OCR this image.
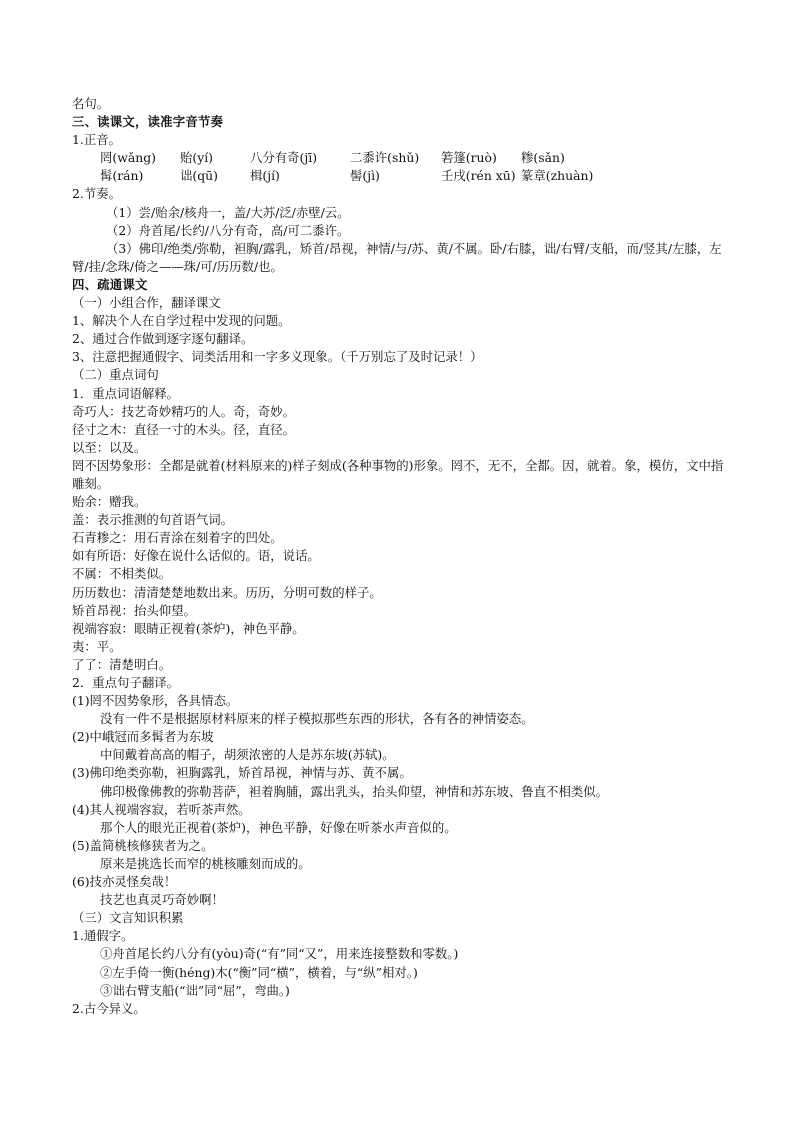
名句。
三、读课文，读准字音节奏
1.正音。
罔(wǎng)	贻(yí)	八分有奇(jī)	二黍许(shǔ)	箬篷(ruò)	糁(sǎn)
髯(rán)	诎(qū)	楫(jí)	髻(jì)	壬戌(rén xū) 篆章(zhuàn)
2.节奏。
（1）尝/贻余/核舟一，盖/大苏/泛/赤壁/云。
（2）舟首尾/长约/八分有奇，高/可二黍许。
（3）佛印/绝类/弥勒，袒胸/露乳，矫首/昂视，神情/与/苏、黄/不属。卧/右膝，诎/右臂/支船，而/竖其/左膝，左臂/挂/念珠/倚之——珠/可/历历数/也。
四、疏通课文
（一）小组合作，翻译课文
1、解决个人在自学过程中发现的问题。
2、通过合作做到逐字逐句翻译。
3、注意把握通假字、词类活用和一字多义现象。（千万别忘了及时记录！）
（二）重点词句
1．重点词语解释。
奇巧人：技艺奇妙精巧的人。奇，奇妙。
径寸之木：直径一寸的木头。径，直径。
以至：以及。
罔不因势象形：全都是就着(材料原来的)样子刻成(各种事物的)形象。罔不，无不，全都。因，就着。象，模仿，文中指雕刻。
贻余：赠我。
盖：表示推测的句首语气词。
石青糁之：用石青涂在刻着字的凹处。
如有所语：好像在说什么话似的。语，说话。
不属：不相类似。
历历数也：清清楚楚地数出来。历历，分明可数的样子。
矫首昂视：抬头仰望。
视端容寂：眼睛正视着(茶炉)，神色平静。
夷：平。
了了：清楚明白。
2．重点句子翻译。
(1)罔不因势象形，各具情态。
没有一件不是根据原材料原来的样子模拟那些东西的形状，各有各的神情姿态。
(2)中峨冠而多髯者为东坡
中间戴着高高的帽子，胡须浓密的人是苏东坡(苏轼)。
(3)佛印绝类弥勒，袒胸露乳，矫首昂视，神情与苏、黄不属。
佛印极像佛教的弥勒菩萨，袒着胸脯，露出乳头，抬头仰望，神情和苏东坡、鲁直不相类似。
(4)其人视端容寂，若听茶声然。
那个人的眼光正视着(茶炉)，神色平静，好像在听茶水声音似的。
(5)盖简桃核修狭者为之。
原来是挑选长而窄的桃核雕刻而成的。
(6)技亦灵怪矣哉！
技艺也真灵巧奇妙啊！
（三）文言知识积累
1.通假字。
①舟首尾长约八分有(yòu)奇(“有”同“又”，用来连接整数和零数。)
②左手倚一衡(héng)木(“衡”同“横”，横着，与“纵”相对。)
③诎右臂支船(“诎”同“屈”，弯曲。)
2.古今异义。
